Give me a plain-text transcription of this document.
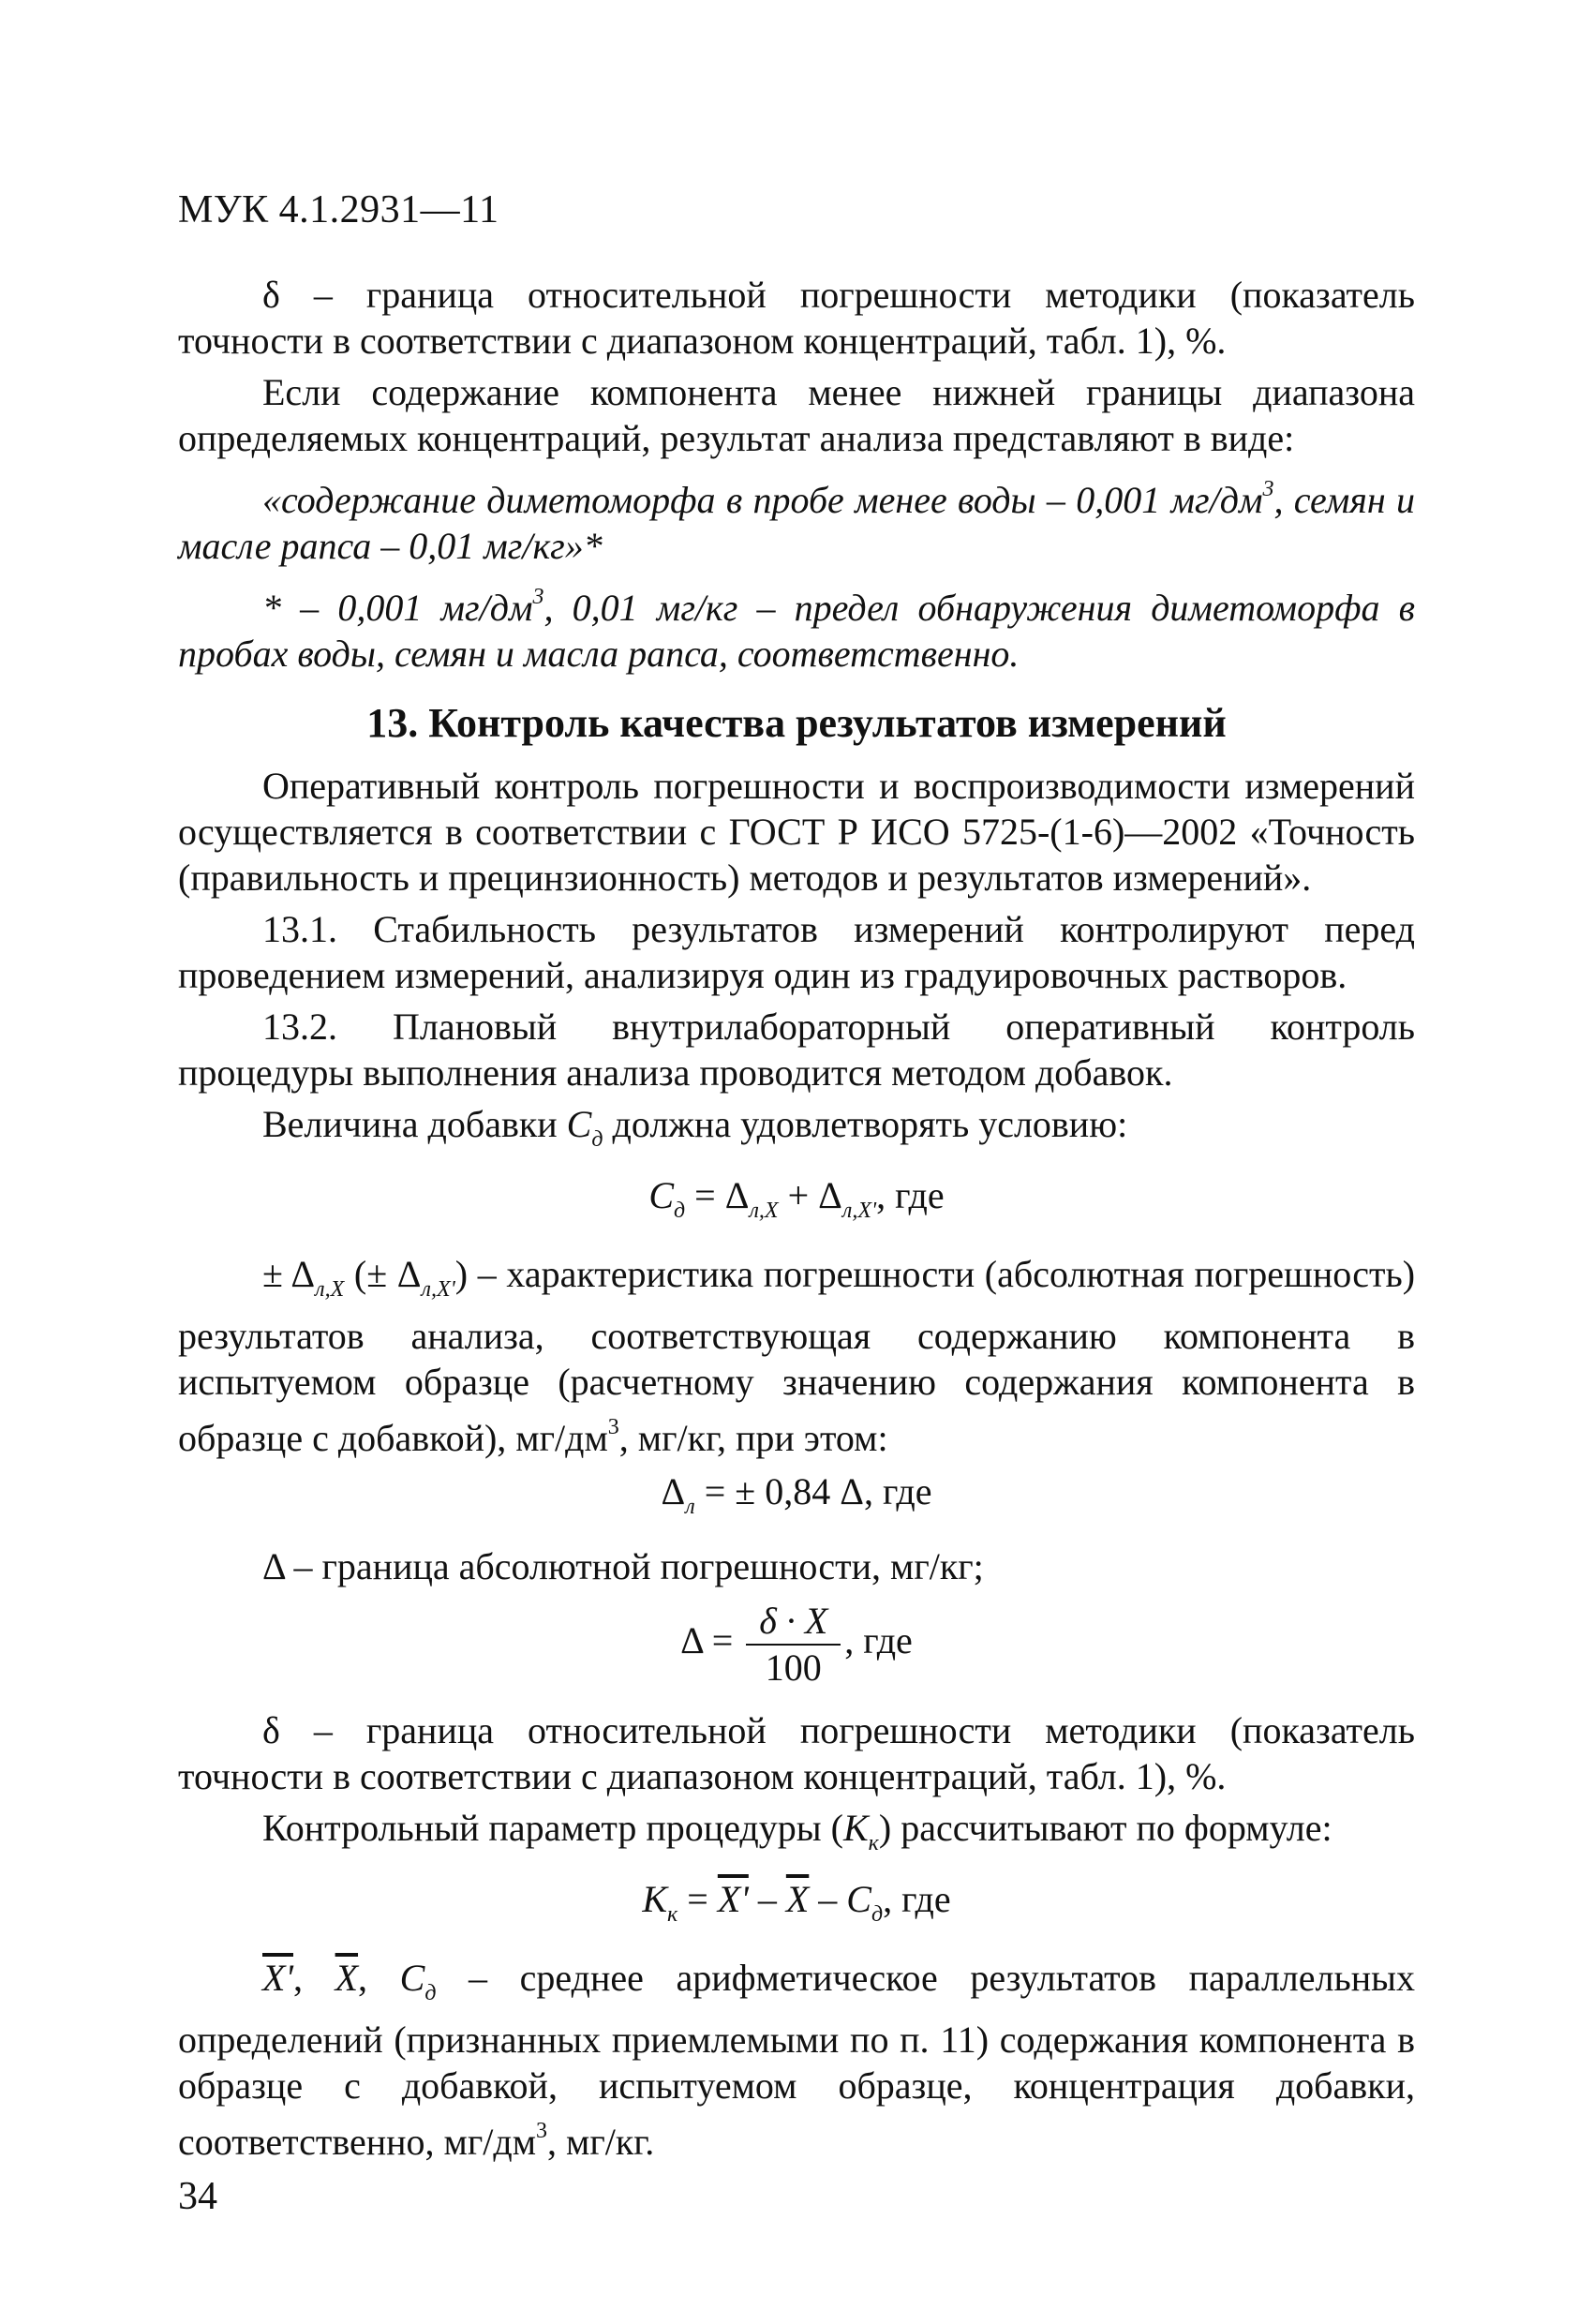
МУК 4.1.2931—11

δ – граница относительной погрешности методики (показатель точности в соответствии с диапазоном концентраций, табл. 1), %.

Если содержание компонента менее нижней границы диапазона определяемых концентраций, результат анализа представляют в виде:

«содержание диметоморфа в пробе менее воды – 0,001 $мг/дм^3$, семян и масле рапса – 0,01 мг/кг»*

* – 0,001 $мг/дм^3$, 0,01 мг/кг – предел обнаружения диметоморфа в пробах воды, семян и масла рапса, соответственно.

13. Контроль качества результатов измерений

Оперативный контроль погрешности и воспроизводимости измерений осуществляется в соответствии с ГОСТ Р ИСО 5725-(1-6)—2002 «Точность (правильность и прецинзионность) методов и результатов измерений».

13.1. Стабильность результатов измерений контролируют перед проведением измерений, анализируя один из градуировочных растворов.

13.2. Плановый внутрилабораторный оперативный контроль процедуры выполнения анализа проводится методом добавок.

Величина добавки $C_д$ должна удовлетворять условию:

$C_д = \Delta_{л,X} + \Delta_{л,X'}$, где

± $\Delta_{л,X}$ (± $\Delta_{л,X'}$) – характеристика погрешности (абсолютная погрешность) результатов анализа, соответствующая содержанию компонента в испытуемом образце (расчетному значению содержания компонента в образце с добавкой), $мг/дм^3$, мг/кг, при этом:

$\Delta_л$ = ± 0,84 Δ, где

Δ – граница абсолютной погрешности, мг/кг;

$\Delta = \frac{\delta \cdot X}{100}$ , где

δ – граница относительной погрешности методики (показатель точности в соответствии с диапазоном концентраций, табл. 1), %.

Контрольный параметр процедуры $(K_к)$ рассчитывают по формуле:

$K_к = X' - \overline{X} - C_д$, где

X', $\overline{X}$, $C_д$ – среднее арифметическое результатов параллельных определений (признанных приемлемыми по п. 11) содержания компонента в образце с добавкой, испытуемом образце, концентрация добавки, соответственно, $мг/дм^3$, мг/кг.

34
